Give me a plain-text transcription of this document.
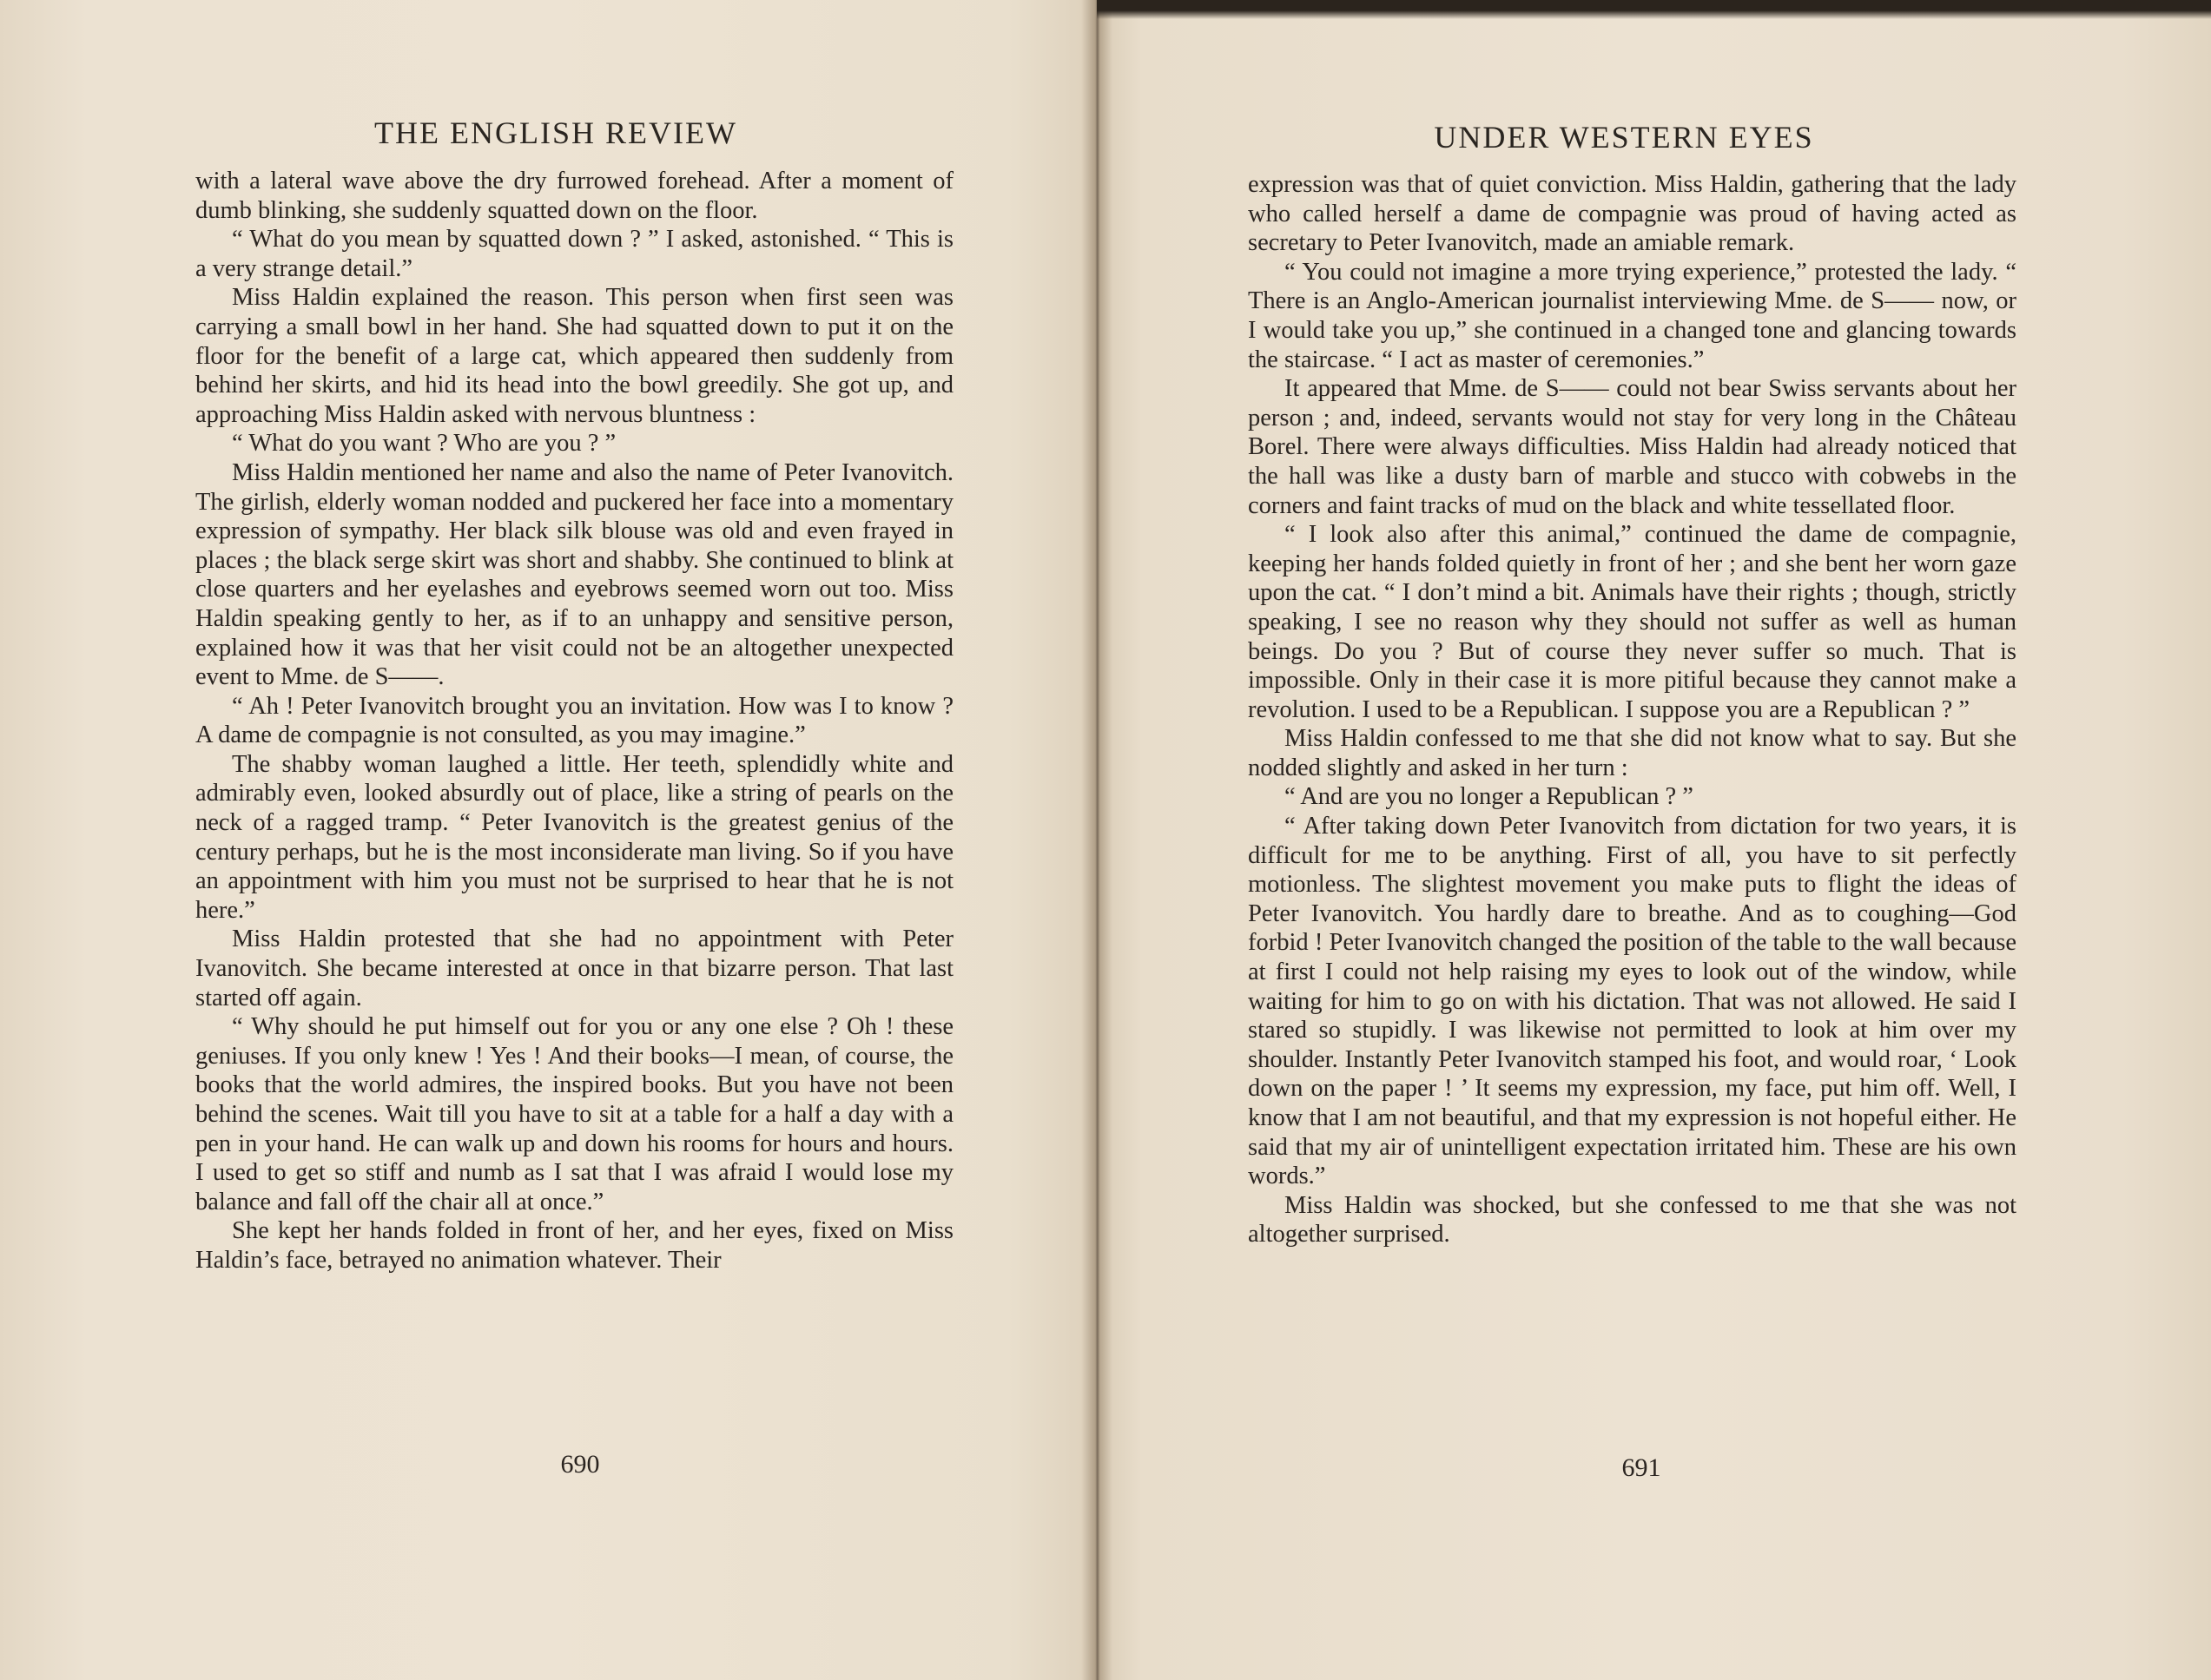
THE ENGLISH REVIEW

with a lateral wave above the dry furrowed forehead. After a moment of dumb blinking, she suddenly squatted down on the floor.

“ What do you mean by squatted down ? ” I asked, astonished. “ This is a very strange detail.”

Miss Haldin explained the reason. This person when first seen was carrying a small bowl in her hand. She had squatted down to put it on the floor for the benefit of a large cat, which appeared then suddenly from behind her skirts, and hid its head into the bowl greedily. She got up, and approaching Miss Haldin asked with nervous bluntness :

“ What do you want ? Who are you ? ”

Miss Haldin mentioned her name and also the name of Peter Ivanovitch. The girlish, elderly woman nodded and puckered her face into a momentary expression of sympathy. Her black silk blouse was old and even frayed in places ; the black serge skirt was short and shabby. She continued to blink at close quarters and her eyelashes and eyebrows seemed worn out too. Miss Haldin speaking gently to her, as if to an unhappy and sensitive person, explained how it was that her visit could not be an altogether unexpected event to Mme. de S——.

“ Ah ! Peter Ivanovitch brought you an invitation. How was I to know ? A dame de compagnie is not consulted, as you may imagine.”

The shabby woman laughed a little. Her teeth, splendidly white and admirably even, looked absurdly out of place, like a string of pearls on the neck of a ragged tramp. “ Peter Ivanovitch is the greatest genius of the century perhaps, but he is the most inconsiderate man living. So if you have an appointment with him you must not be surprised to hear that he is not here.”

Miss Haldin protested that she had no appointment with Peter Ivanovitch. She became interested at once in that bizarre person. That last started off again.

“ Why should he put himself out for you or any one else ? Oh ! these geniuses. If you only knew ! Yes ! And their books—I mean, of course, the books that the world admires, the inspired books. But you have not been behind the scenes. Wait till you have to sit at a table for a half a day with a pen in your hand. He can walk up and down his rooms for hours and hours. I used to get so stiff and numb as I sat that I was afraid I would lose my balance and fall off the chair all at once.”

She kept her hands folded in front of her, and her eyes, fixed on Miss Haldin’s face, betrayed no animation whatever. Their

690
UNDER WESTERN EYES

expression was that of quiet conviction. Miss Haldin, gathering that the lady who called herself a dame de compagnie was proud of having acted as secretary to Peter Ivanovitch, made an amiable remark.

“ You could not imagine a more trying experience,” protested the lady. “ There is an Anglo-American journalist interviewing Mme. de S—— now, or I would take you up,” she continued in a changed tone and glancing towards the staircase. “ I act as master of ceremonies.”

It appeared that Mme. de S—— could not bear Swiss servants about her person ; and, indeed, servants would not stay for very long in the Château Borel. There were always difficulties. Miss Haldin had already noticed that the hall was like a dusty barn of marble and stucco with cobwebs in the corners and faint tracks of mud on the black and white tessellated floor.

“ I look also after this animal,” continued the dame de compagnie, keeping her hands folded quietly in front of her ; and she bent her worn gaze upon the cat. “ I don’t mind a bit. Animals have their rights ; though, strictly speaking, I see no reason why they should not suffer as well as human beings. Do you ? But of course they never suffer so much. That is impossible. Only in their case it is more pitiful because they cannot make a revolution. I used to be a Republican. I suppose you are a Republican ? ”

Miss Haldin confessed to me that she did not know what to say. But she nodded slightly and asked in her turn :

“ And are you no longer a Republican ? ”

“ After taking down Peter Ivanovitch from dictation for two years, it is difficult for me to be anything. First of all, you have to sit perfectly motionless. The slightest movement you make puts to flight the ideas of Peter Ivanovitch. You hardly dare to breathe. And as to coughing—God forbid ! Peter Ivanovitch changed the position of the table to the wall because at first I could not help raising my eyes to look out of the window, while waiting for him to go on with his dictation. That was not allowed. He said I stared so stupidly. I was likewise not permitted to look at him over my shoulder. Instantly Peter Ivanovitch stamped his foot, and would roar, ‘ Look down on the paper ! ’ It seems my expression, my face, put him off. Well, I know that I am not beautiful, and that my expression is not hopeful either. He said that my air of unintelligent expectation irritated him. These are his own words.”

Miss Haldin was shocked, but she confessed to me that she was not altogether surprised.

691
